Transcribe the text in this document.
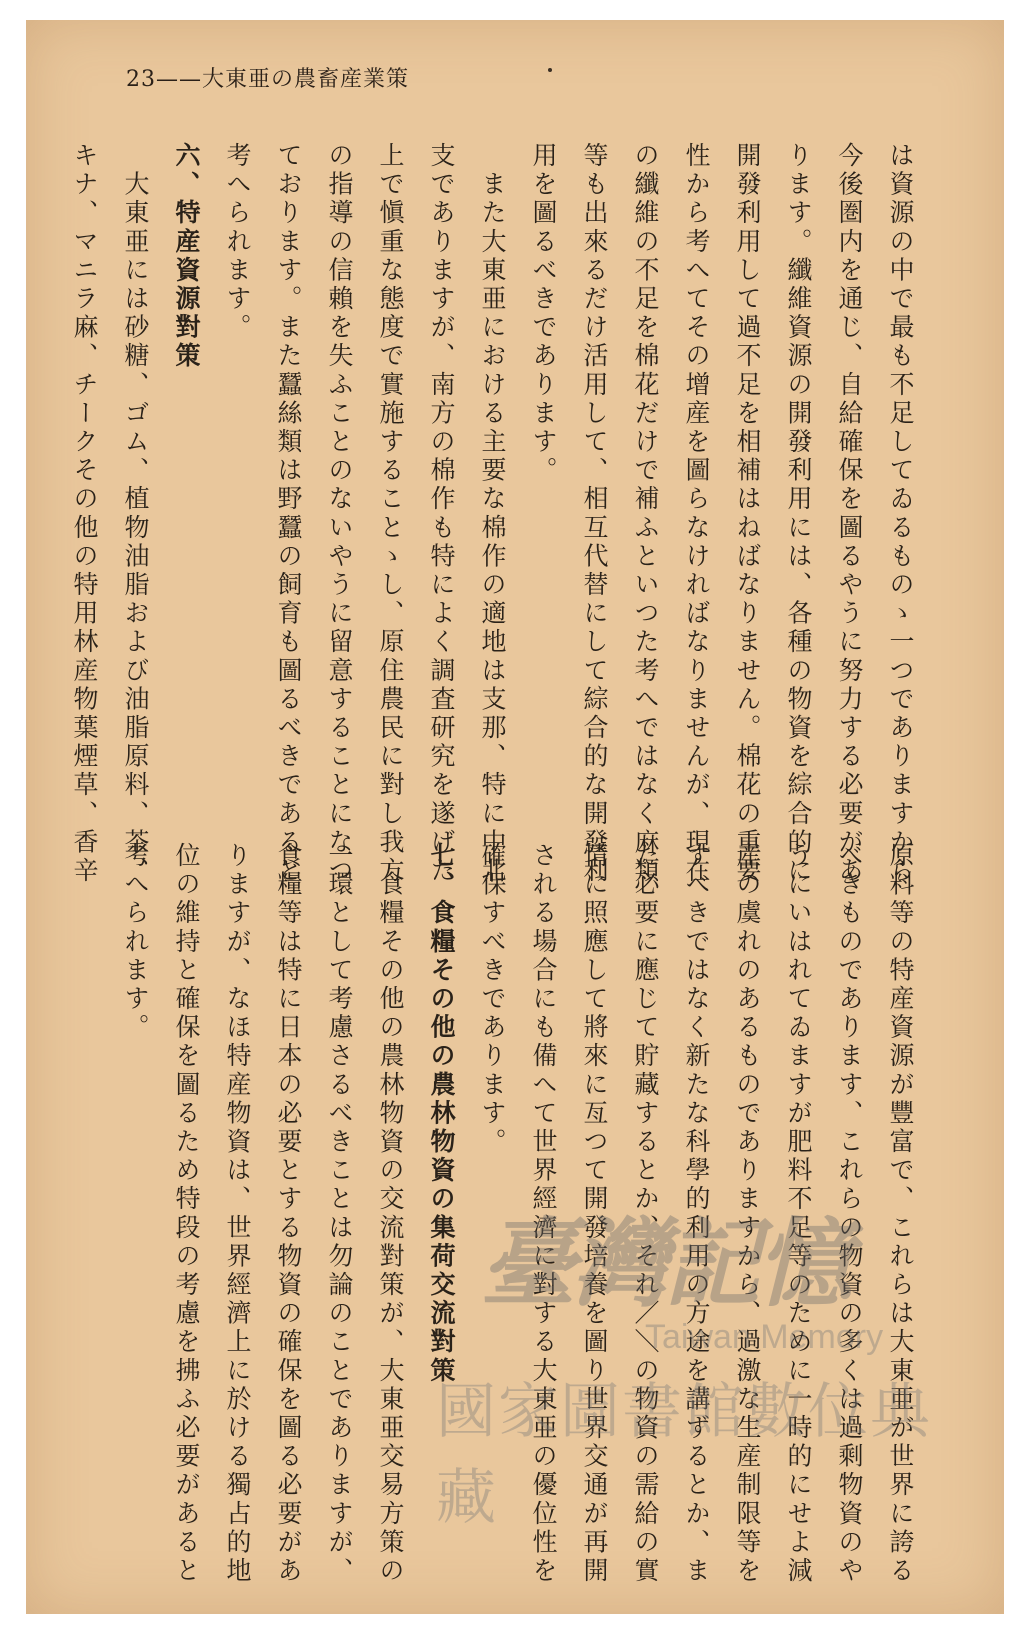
23——大東亜の農畜産業策
は資源の中で最も不足してゐるものゝ一つでありますから
今後圏内を通じ、自給確保を圖るやうに努力する必要があ
ります。纖維資源の開發利用には、各種の物資を綜合的に
開發利用して過不足を相補はねばなりません。棉花の重要
性から考へてその增産を圖らなければなりませんが、現在
の纖維の不足を棉花だけで補ふといつた考へではなく麻類
等も出來るだけ活用して、相互代替にして綜合的な開發利
用を圖るべきであります。
　また大東亜における主要な棉作の適地は支那、特に中北
支でありますが、南方の棉作も特によく調査研究を遂げた
上で愼重な態度で實施することゝし、原住農民に對し我方
の指導の信賴を失ふことのないやうに留意することになつ
ております。また蠶絲類は野蠶の飼育も圖るべきであると
考へられます。
六、特産資源對策
　大東亜には砂糖、ゴム、植物油脂および油脂原料、茶、
キナ、マニラ麻、チークその他の特用林産物葉煙草、香辛
原料等の特産資源が豐富で、これらは大東亜が世界に誇る
べきものであります、これらの物資の多くは過剩物資のや
うにいはれてゐますが肥料不足等のために一時的にせよ減
産の虞れのあるものでありますから、過激な生産制限等を
すべきではなく新たな科學的利用の方途を講ずるとか、ま
た必要に應じて貯藏するとか、それ／＼の物資の需給の實
情に照應して將來に亙つて開發培養を圖り世界交通が再開
される場合にも備へて世界經濟に對する大東亜の優位性を
確保すべきであります。
七、食糧その他の農林物資の集荷交流對策
　食糧その他の農林物資の交流對策が、大東亜交易方策の
一環として考慮さるべきことは勿論のことでありますが、
食糧等は特に日本の必要とする物資の確保を圖る必要があ
りますが、なほ特産物資は、世界經濟上に於ける獨占的地
位の維持と確保を圖るため特段の考慮を拂ふ必要があると
考へられます。
臺灣記憶
Taiwan Memory
國家圖書館數位典藏
